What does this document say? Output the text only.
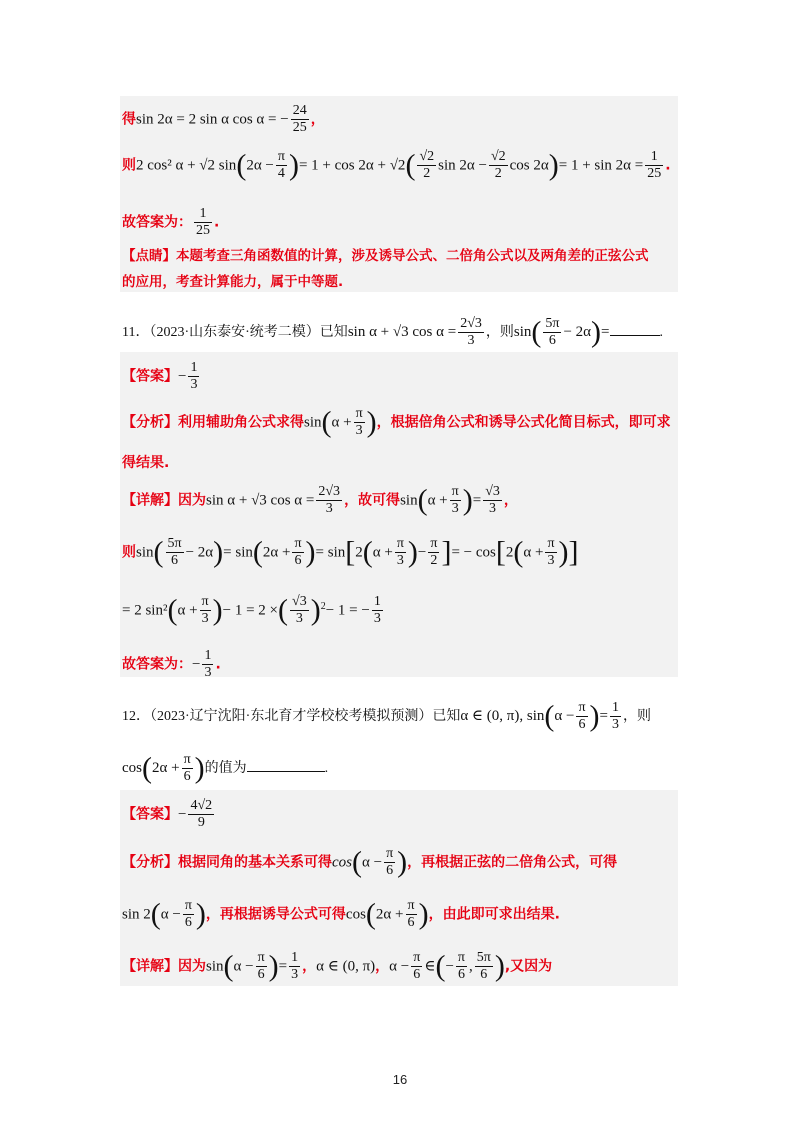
得sin 2α = 2 sin α cos α = − $\frac{24}{25}$ ，
则2 cos² α + √2 $\sin(2\alpha - \frac{\pi}{4}$ )= $1 + \cos 2\alpha + √2( \frac{√2}{2}$ $\sin 2\alpha - \frac{√2}{2}$ $\cos 2\alpha)= 1 + \sin 2\alpha = \frac{1}{25}$ .
故答案为： $\frac{1}{25}$ .
【点睛】本题考查三角函数值的计算，涉及诱导公式、二倍角公式以及两角差的正弦公式
的应用，考查计算能力，属于中等题.
11．（2023·山东泰安·统考二模）已知sin α + √3 $\cos \alpha = \frac{2√3}{3}$ ，则$\sin( \frac{5\pi}{6} - 2\alpha)=$	.
【答案】− $\frac{1}{3}$
【分析】利用辅助角公式求得$\sin(\alpha + \frac{\pi}{3}$ )，根据倍角公式和诱导公式化简目标式，即可求
得结果.
【详解】因为sin α + √3 $\cos \alpha = \frac{2√3}{3}$ ，故可得$\sin(\alpha + \frac{\pi}{3}$ )= $\frac{√3}{3}$ ，
则$\sin( \frac{5\pi}{6} - 2\alpha)= \sin(2\alpha + \frac{\pi}{6}$ )= $\sin[2(\alpha + \frac{\pi}{3}$ )− $\frac{\pi}{2}$ ]= − $\cos[2(\alpha + \frac{\pi}{3}$ )]
= 2 $\sin^2(\alpha + \frac{\pi}{3}$ )− 1 = 2 ×( $\frac{√3}{3} )^2- 1$ = − $\frac{1}{3}$
故答案为：− $\frac{1}{3}$ .
12．（2023·辽宁沈阳·东北育才学校校考模拟预测）已知α ∈ (0, π), $\sin(\alpha - \frac{\pi}{6}$ )= $\frac{1}{3}$ ，则
$\cos(2\alpha + \frac{\pi}{6}$ )的值为	.
【答案】− $\frac{4√2}{9}$
【分析】根据同角的基本关系可得$\cos(\alpha - \frac{\pi}{6}$ )，再根据正弦的二倍角公式，可得
$\sin 2(\alpha - \frac{\pi}{6}$ )，再根据诱导公式可得$\cos(2\alpha + \frac{\pi}{6}$ )，由此即可求出结果.
【详解】因为$\sin(\alpha - \frac{\pi}{6}$ )= $\frac{1}{3}$ ，α ∈ (0, π)，$\alpha - \frac{\pi}{6}$ ∈(− $\frac{\pi}{6}$ , $\frac{5\pi}{6}$ ),又因为
16
